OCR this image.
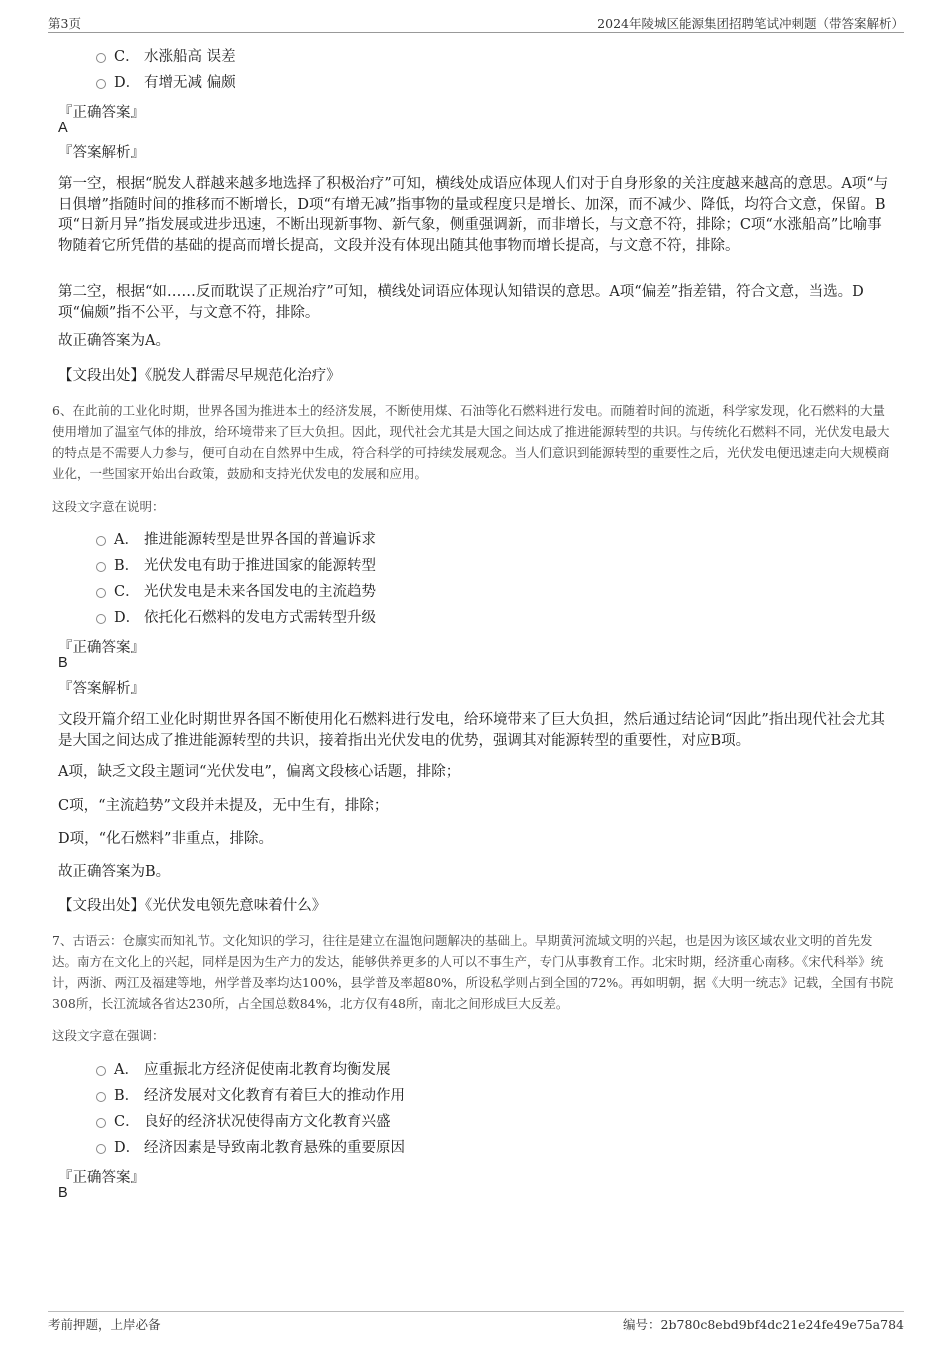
第3页	2024年陵城区能源集团招聘笔试冲刺题（带答案解析）
C． 水涨船高 误差
D． 有增无减 偏颇
『正确答案』
A
『答案解析』
第一空，根据“脱发人群越来越多地选择了积极治疗”可知，横线处成语应体现人们对于自身形象的关注度越来越高的意思。A项“与日俱增”指随时间的推移而不断增长，D项“有增无减”指事物的量或程度只是增长、加深，而不减少、降低，均符合文意，保留。B项“日新月异”指发展或进步迅速，不断出现新事物、新气象，侧重强调新，而非增长，与文意不符，排除；C项“水涨船高”比喻事物随着它所凭借的基础的提高而增长提高，文段并没有体现出随其他事物而增长提高，与文意不符，排除。
第二空，根据“如……反而耽误了正规治疗”可知，横线处词语应体现认知错误的意思。A项“偏差”指差错，符合文意，当选。D项“偏颇”指不公平，与文意不符，排除。
故正确答案为A。
【文段出处】《脱发人群需尽早规范化治疗》
6、在此前的工业化时期，世界各国为推进本土的经济发展，不断使用煤、石油等化石燃料进行发电。而随着时间的流逝，科学家发现，化石燃料的大量使用增加了温室气体的排放，给环境带来了巨大负担。因此，现代社会尤其是大国之间达成了推进能源转型的共识。与传统化石燃料不同，光伏发电最大的特点是不需要人力参与，便可自动在自然界中生成，符合科学的可持续发展观念。当人们意识到能源转型的重要性之后，光伏发电便迅速走向大规模商业化，一些国家开始出台政策，鼓励和支持光伏发电的发展和应用。
这段文字意在说明：
A． 推进能源转型是世界各国的普遍诉求
B． 光伏发电有助于推进国家的能源转型
C． 光伏发电是未来各国发电的主流趋势
D． 依托化石燃料的发电方式需转型升级
『正确答案』
B
『答案解析』
文段开篇介绍工业化时期世界各国不断使用化石燃料进行发电，给环境带来了巨大负担，然后通过结论词“因此”指出现代社会尤其是大国之间达成了推进能源转型的共识，接着指出光伏发电的优势，强调其对能源转型的重要性，对应B项。
A项，缺乏文段主题词“光伏发电”，偏离文段核心话题，排除；
C项，“主流趋势”文段并未提及，无中生有，排除；
D项，“化石燃料”非重点，排除。
故正确答案为B。
【文段出处】《光伏发电领先意味着什么》
7、古语云：仓廪实而知礼节。文化知识的学习，往往是建立在温饱问题解决的基础上。早期黄河流域文明的兴起，也是因为该区域农业文明的首先发达。南方在文化上的兴起，同样是因为生产力的发达，能够供养更多的人可以不事生产，专门从事教育工作。北宋时期，经济重心南移。《宋代科举》统计，两浙、两江及福建等地，州学普及率均达100%，县学普及率超80%，所设私学则占到全国的72%。再如明朝，据《大明一统志》记载，全国有书院308所，长江流域各省达230所，占全国总数84%，北方仅有48所，南北之间形成巨大反差。
这段文字意在强调：
A． 应重振北方经济促使南北教育均衡发展
B． 经济发展对文化教育有着巨大的推动作用
C． 良好的经济状况使得南方文化教育兴盛
D． 经济因素是导致南北教育悬殊的重要原因
『正确答案』
B
考前押题，上岸必备	编号：2b780c8ebd9bf4dc21e24fe49e75a784
